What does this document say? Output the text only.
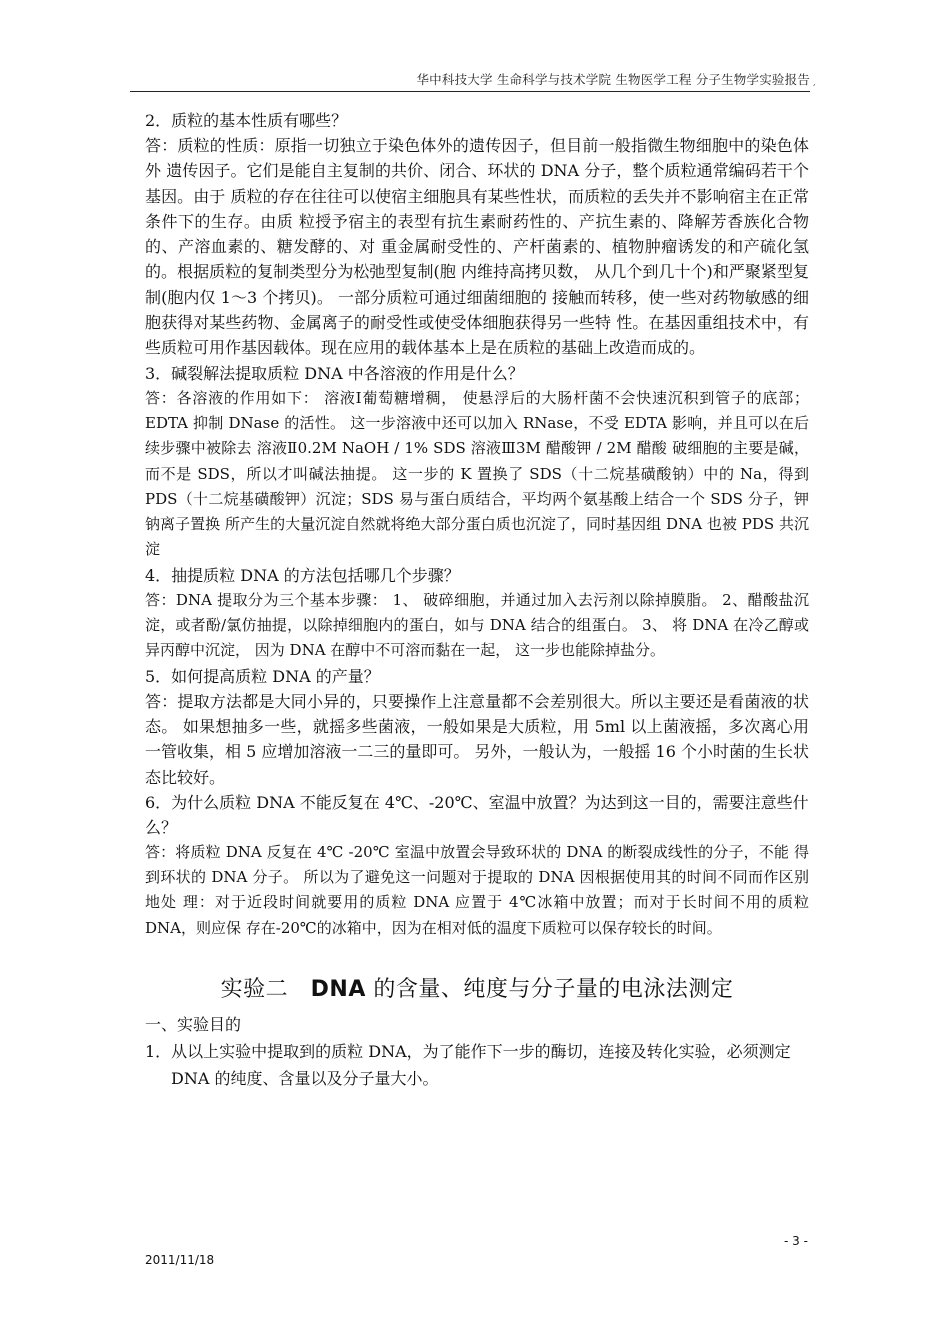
华中科技大学 生命科学与技术学院 生物医学工程 分子生物学实验报告 ,

2．质粒的基本性质有哪些？

答：质粒的性质：原指一切独立于染色体外的遗传因子，但目前一般指微生物细胞中的染色体外 遗传因子。它们是能自主复制的共价、闭合、环状的 DNA 分子，整个质粒通常编码若干个基因。由于 质粒的存在往往可以使宿主细胞具有某些性状，而质粒的丢失并不影响宿主在正常条件下的生存。由质 粒授予宿主的表型有抗生素耐药性的、产抗生素的、降解芳香族化合物的、产溶血素的、糖发酵的、对 重金属耐受性的、产杆菌素的、植物肿瘤诱发的和产硫化氢的。根据质粒的复制类型分为松弛型复制(胞 内维持高拷贝数， 从几个到几十个)和严聚紧型复制(胞内仅 1～3 个拷贝)。 一部分质粒可通过细菌细胞的 接触而转移，使一些对药物敏感的细胞获得对某些药物、金属离子的耐受性或使受体细胞获得另一些特 性。在基因重组技术中，有些质粒可用作基因载体。现在应用的载体基本上是在质粒的基础上改造而成的。

3．碱裂解法提取质粒 DNA 中各溶液的作用是什么？

答：各溶液的作用如下： 溶液Ⅰ葡萄糖增稠， 使悬浮后的大肠杆菌不会快速沉积到管子的底部； EDTA 抑制 DNase 的活性。 这一步溶液中还可以加入 RNase，不受 EDTA 影响，并且可以在后续步骤中被除去 溶液Ⅱ0.2M NaOH / 1% SDS 溶液Ⅲ3M 醋酸钾 / 2M 醋酸 破细胞的主要是碱，而不是 SDS，所以才叫碱法抽提。 这一步的 K 置换了 SDS（十二烷基磺酸钠）中的 Na，得到 PDS（十二烷基磺酸钾）沉淀；SDS 易与蛋白质结合，平均两个氨基酸上结合一个 SDS 分子，钾钠离子置换 所产生的大量沉淀自然就将绝大部分蛋白质也沉淀了，同时基因组 DNA 也被 PDS 共沉淀

4．抽提质粒 DNA 的方法包括哪几个步骤？

答：DNA 提取分为三个基本步骤： 1、 破碎细胞，并通过加入去污剂以除掉膜脂。 2、醋酸盐沉淀，或者酚/氯仿抽提，以除掉细胞内的蛋白，如与 DNA 结合的组蛋白。 3、 将 DNA 在冷乙醇或异丙醇中沉淀， 因为 DNA 在醇中不可溶而黏在一起， 这一步也能除掉盐分。

5．如何提高质粒 DNA 的产量？

答：提取方法都是大同小异的，只要操作上注意量都不会差别很大。所以主要还是看菌液的状态。 如果想抽多一些，就摇多些菌液，一般如果是大质粒，用 5ml 以上菌液摇，多次离心用一管收集，相 5 应增加溶液一二三的量即可。 另外，一般认为，一般摇 16 个小时菌的生长状态比较好。

6．为什么质粒 DNA 不能反复在 4℃、-20℃、室温中放置？为达到这一目的，需要注意些什么？

答：将质粒 DNA 反复在 4℃ -20℃ 室温中放置会导致环状的 DNA 的断裂成线性的分子，不能 得到环状的 DNA 分子。 所以为了避免这一问题对于提取的 DNA 因根据使用其的时间不同而作区别地处 理：对于近段时间就要用的质粒 DNA 应置于 4℃冰箱中放置；而对于长时间不用的质粒 DNA，则应保 存在-20℃的冰箱中，因为在相对低的温度下质粒可以保存较长的时间。

实验二 DNA 的含量、纯度与分子量的电泳法测定

一、实验目的

1．从以上实验中提取到的质粒 DNA，为了能作下一步的酶切，连接及转化实验，必须测定 DNA 的纯度、含量以及分子量大小。

- 3 -
2011/11/18
